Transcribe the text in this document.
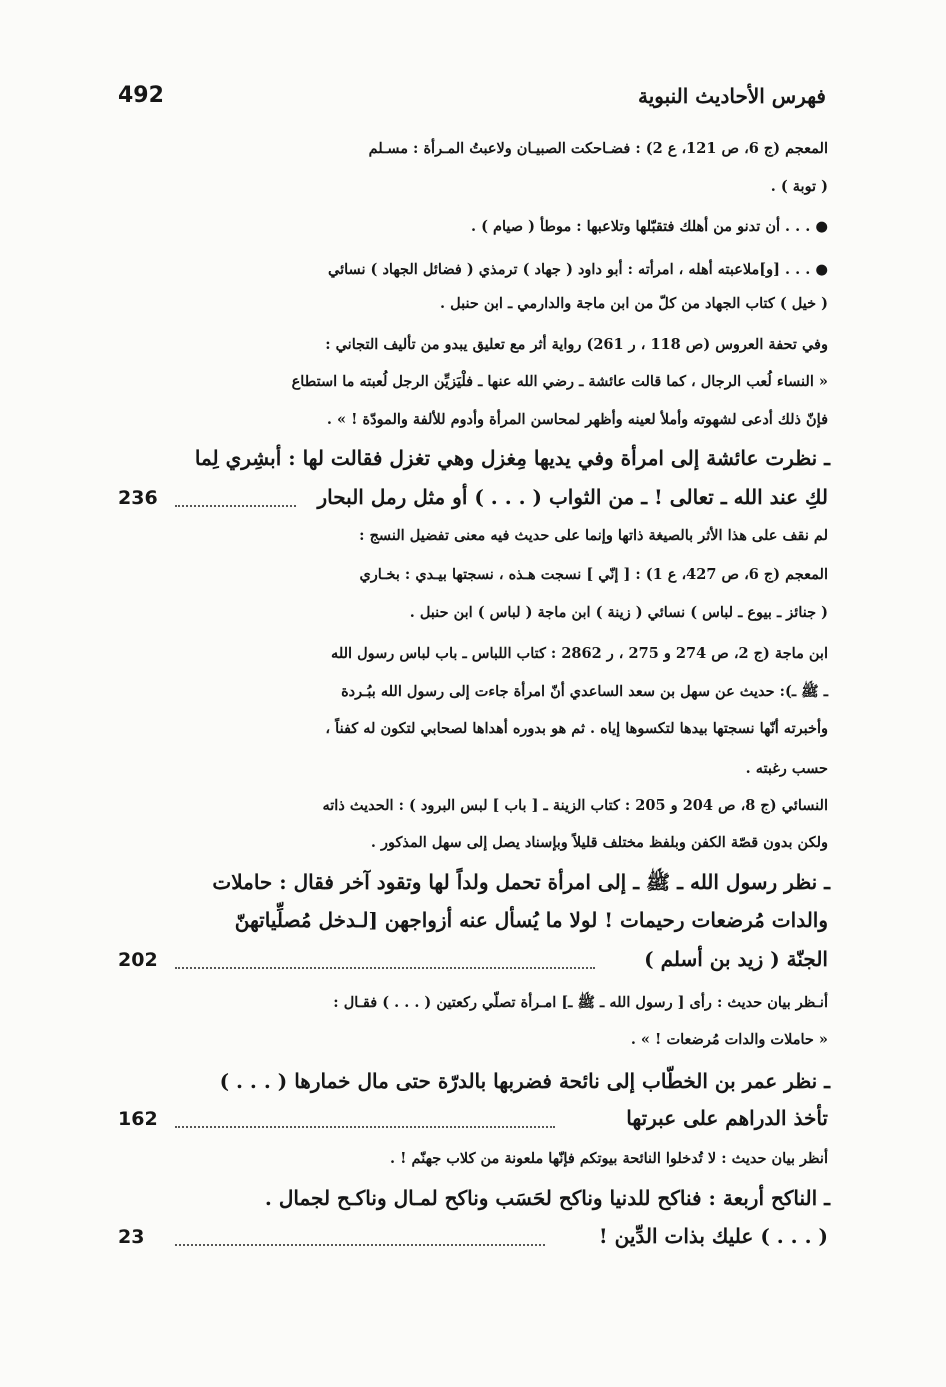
فهرس الأحاديث النبوية
492
المعجم (ج 6، ص 121، ع 2) : فضـاحكت الصبيـان ولاعبتُ المـرأة : مسـلم
( توبة ) .
● . . . أن تدنو من أهلك فتقبّلها وتلاعبها : موطأ ( صيام ) .
● . . . [و]ملاعبته أهله ، امرأته : أبو داود ( جهاد ) ترمذي ( فضائل الجهاد ) نسائي
( خيل ) كتاب الجهاد من كلّ من ابن ماجة والدارمي ـ ابن حنبل .
وفي تحفة العروس (ص 118 ، ر 261) رواية أثر مع تعليق يبدو من تأليف التجاني :
« النساء لُعب الرجال ، كما قالت عائشة ـ رضي الله عنها ـ فلْيَزيِّن الرجل لُعبته ما استطاع
فإنّ ذلك أدعى لشهوته وأملأ لعينه وأظهر لمحاسن المرأة وأدوم للألفة والمودّة ! » .
ـ نظرت عائشة إلى امرأة وفي يديها مِغزل وهي تغزل فقالت لها : أبشِري لِما
لكِ عند الله ـ تعالى ! ـ من الثواب ( . . . ) أو مثل رمل البحار
236
لم نقف على هذا الأثر بالصيغة ذاتها وإنما على حديث فيه معنى تفضيل النسج :
المعجم (ج 6، ص 427، ع 1) : [ إنّي ] نسجت هـذه ، نسجتها بيـدي : بخـاري
( جنائز ـ بيوع ـ لباس ) نسائي ( زينة ) ابن ماجة ( لباس ) ابن حنبل .
ابن ماجة (ج 2، ص 274 و 275 ، ر 2862 : كتاب اللباس ـ باب لباس رسول الله
ـ ﷺ ـ): حديث عن سهل بن سعد الساعدي أنّ امرأة جاءت إلى رسول الله ببُـردة
وأخبرته أنّها نسجتها بيدها لتكسوها إياه . ثم هو بدوره أهداها لصحابي لتكون له كفناً ،
حسب رغبته .
النسائي (ج 8، ص 204 و 205 : كتاب الزينة ـ [ باب ] لبس البرود ) : الحديث ذاته
ولكن بدون قصّة الكفن وبلفظ مختلف قليلاً وبإسناد يصل إلى سهل المذكور .
ـ نظر رسول الله ـ ﷺ ـ إلى امرأة تحمل ولداً لها وتقود آخر فقال : حاملات
والدات مُرضعات رحيمات ! لولا ما يُسأل عنه أزواجهن [لـدخل مُصلِّياتهنّ
الجنّة ( زيد بن أسلم )
202
أنـظر بيان حديث : رأى [ رسول الله ـ ﷺ ـ] امـرأة تصلّي ركعتين ( . . . ) فقـال :
« حاملات والدات مُرضعات ! » .
ـ نظر عمر بن الخطّاب إلى نائحة فضربها بالدرّة حتى مال خمارها ( . . . )
تأخذ الدراهم على عبرتها
162
أنظر بيان حديث : لا تُدخلوا النائحة بيوتكم فإنّها ملعونة من كلاب جهنّم ! .
ـ الناكح أربعة : فناكح للدنيا وناكح لحَسَب وناكح لمـال وناكـح لجمال .
( . . . ) عليك بذات الدِّين !
23
